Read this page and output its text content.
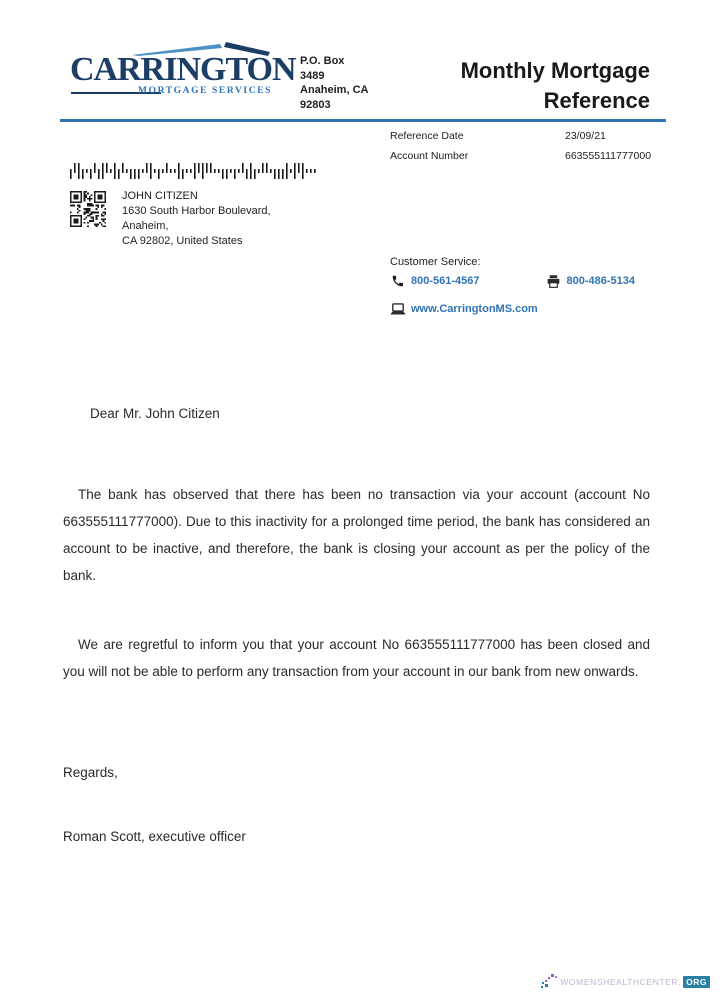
CARRINGTON
MORTGAGE SERVICES
P.O. Box
3489
Anaheim, CA
92803
Monthly Mortgage
Reference
Reference Date	23/09/21
Account Number	663555111777000
JOHN CITIZEN
1630 South Harbor Boulevard,
Anaheim,
CA 92802, United States
Customer Service:
800-561-4567	800-486-5134
www.CarringtonMS.com
Dear Mr. John Citizen
The bank has observed that there has been no transaction via your account (account No 663555111777000). Due to this inactivity for a prolonged time period, the bank has considered an account to be inactive, and therefore, the bank is closing your account as per the policy of the bank.
We are regretful to inform you that your account No 663555111777000 has been closed and you will not be able to perform any transaction from your account in our bank from new onwards.
Regards,
Roman Scott, executive officer
WOMENSHEALTHCENTER. ORG
